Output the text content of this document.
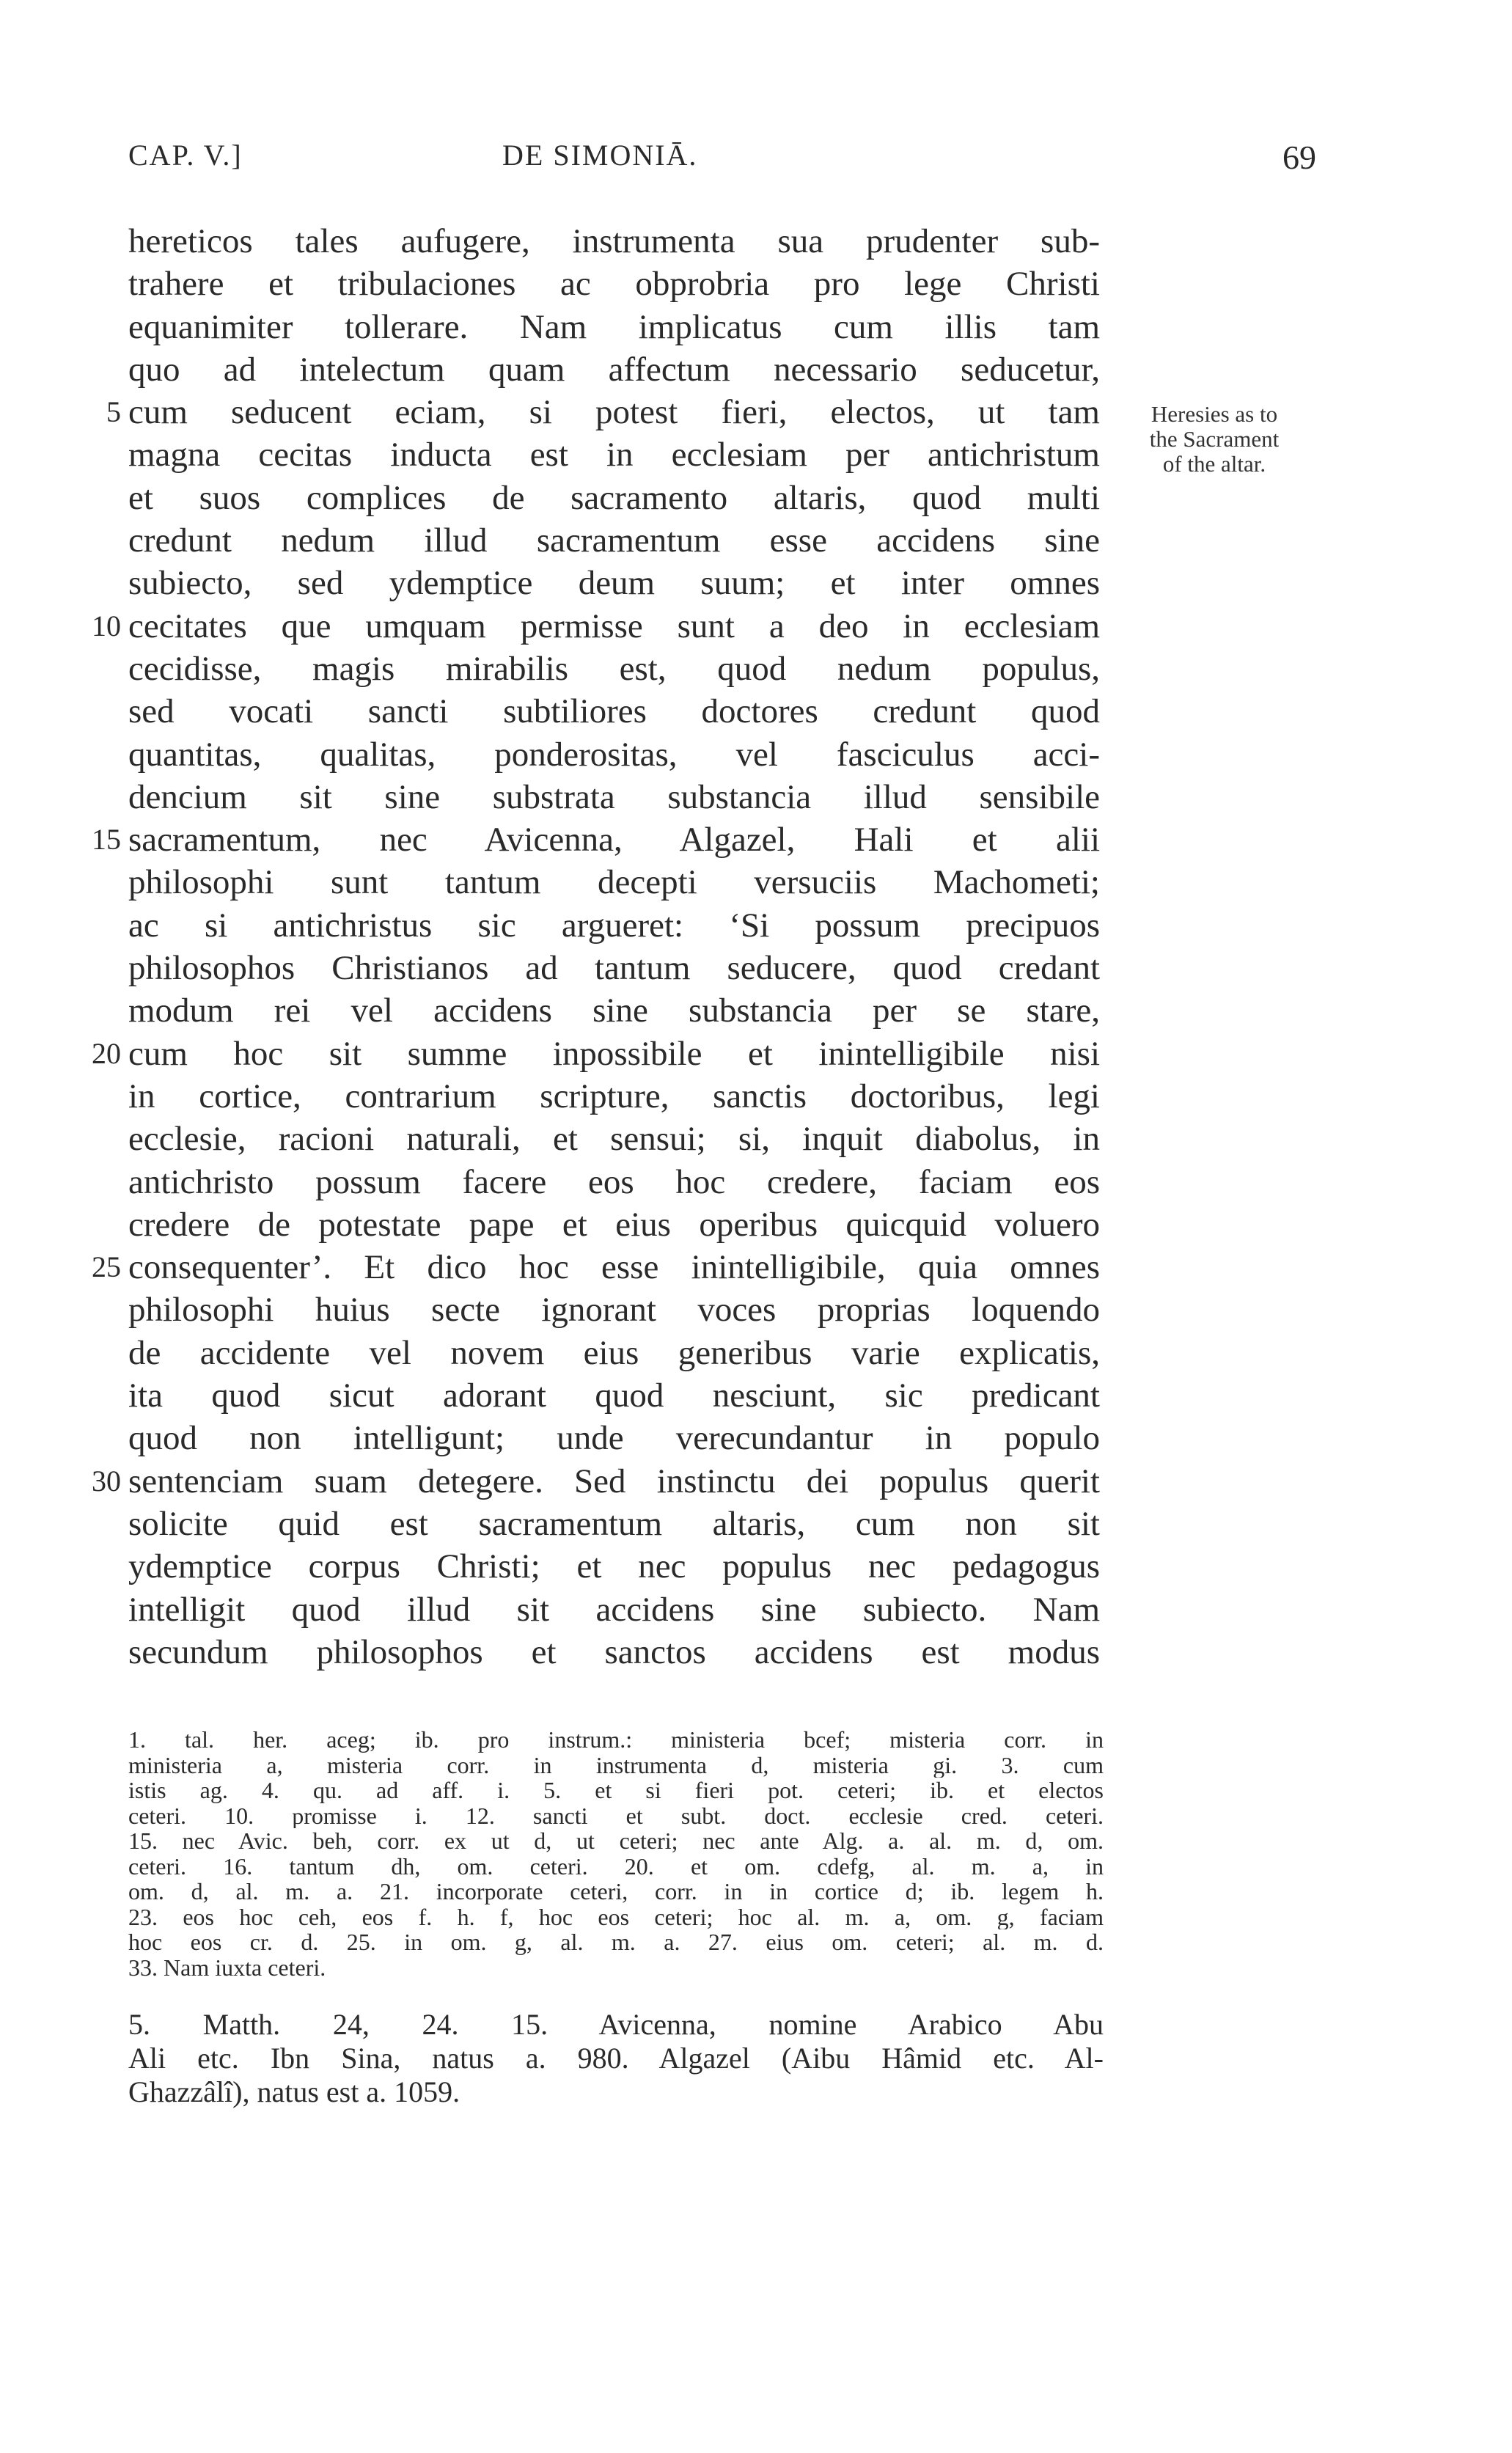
CAP. V.]	DE SIMONIĀ.	69
Heresies as to
the Sacrament
of the altar.
hereticos tales aufugere, instrumenta sua prudenter sub-
trahere et tribulaciones ac obprobria pro lege Christi
equanimiter tollerare. Nam implicatus cum illis tam
quo ad intelectum quam affectum necessario seducetur,
5 cum seducent eciam, si potest fieri, electos, ut tam
magna cecitas inducta est in ecclesiam per antichristum
et suos complices de sacramento altaris, quod multi
credunt nedum illud sacramentum esse accidens sine
subiecto, sed ydemptice deum suum; et inter omnes
10 cecitates que umquam permisse sunt a deo in ecclesiam
cecidisse, magis mirabilis est, quod nedum populus,
sed vocati sancti subtiliores doctores credunt quod
quantitas, qualitas, ponderositas, vel fasciculus acci-
dencium sit sine substrata substancia illud sensibile
15 sacramentum, nec Avicenna, Algazel, Hali et alii
philosophi sunt tantum decepti versuciis Machometi;
ac si antichristus sic argueret: ‘Si possum precipuos
philosophos Christianos ad tantum seducere, quod credant
modum rei vel accidens sine substancia per se stare,
20 cum hoc sit summe inpossibile et inintelligibile nisi
in cortice, contrarium scripture, sanctis doctoribus, legi
ecclesie, racioni naturali, et sensui; si, inquit diabolus, in
antichristo possum facere eos hoc credere, faciam eos
credere de potestate pape et eius operibus quicquid voluero
25 consequenter’. Et dico hoc esse inintelligibile, quia omnes
philosophi huius secte ignorant voces proprias loquendo
de accidente vel novem eius generibus varie explicatis,
ita quod sicut adorant quod nesciunt, sic predicant
quod non intelligunt; unde verecundantur in populo
30 sentenciam suam detegere. Sed instinctu dei populus querit
solicite quid est sacramentum altaris, cum non sit
ydemptice corpus Christi; et nec populus nec pedagogus
intelligit quod illud sit accidens sine subiecto. Nam
secundum philosophos et sanctos accidens est modus
1. tal. her. aceg; ib. pro instrum.: ministeria bcef; misteria corr. in
ministeria a, misteria corr. in instrumenta d, misteria gi. 3. cum
istis ag. 4. qu. ad aff. i. 5. et si fieri pot. ceteri; ib. et electos
ceteri. 10. promisse i. 12. sancti et subt. doct. ecclesie cred. ceteri.
15. nec Avic. beh, corr. ex ut d, ut ceteri; nec ante Alg. a. al. m. d, om.
ceteri. 16. tantum dh, om. ceteri. 20. et om. cdefg, al. m. a, in
om. d, al. m. a. 21. incorporate ceteri, corr. in in cortice d; ib. legem h.
23. eos hoc ceh, eos f. h. f, hoc eos ceteri; hoc al. m. a, om. g, faciam
hoc eos cr. d. 25. in om. g, al. m. a. 27. eius om. ceteri; al. m. d.
33. Nam iuxta ceteri.
5. Matth. 24, 24. 15. Avicenna, nomine Arabico Abu
Ali etc. Ibn Sina, natus a. 980. Algazel (Aibu Hâmid etc. Al-
Ghazzâlî), natus est a. 1059.
